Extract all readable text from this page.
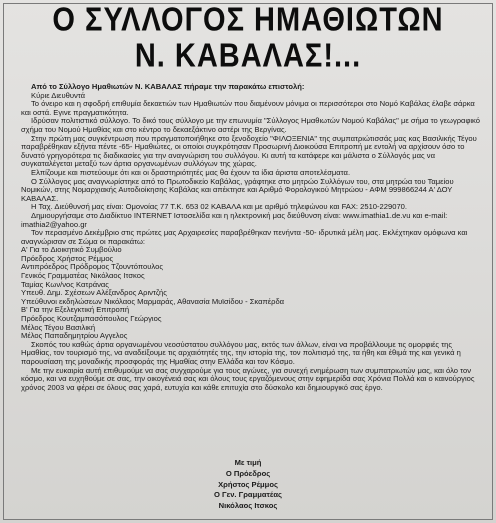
Ο ΣΥΛΛΟΓΟΣ ΗΜΑΘΙΩΤΩΝ
Ν. ΚΑΒΑΛΑΣ!...

Από το Σύλλογο Ημαθιωτών Ν. ΚΑΒΑΛΑΣ πήραμε την παρακάτω επιστολή:

Κύριε Διευθυντά

Το όνειρο και η σφοδρή επιθυμία δεκαετιών των Ημαθιωτών που διαμένουν μόνιμα οι περισσότεροι στο Νομό Καβάλας έλαβε σάρκα και οστά. Εγινε πραγματικότητα.

Ιδρύσαν πολιτιστικό σύλλογο. Το δικό τους σύλλογο με την επωνυμία "Σύλλογος Ημαθιωτών Νομού Καβάλας" με σήμα το γεωγραφικό σχήμα του Νομού Ημαθίας και στο κέντρο το δεκαεξάκτινο αστέρι της Βεργίνας.

Στην πρώτη μας συγκέντρωση που πραγματοποιήθηκε στο ξενοδοχείο "ΦΙΛΟΞΕΝΙΑ" της συμπατριώτισσάς μας κας Βασιλικής Τέγου παραβρέθηκαν εξήντα πέντε -65- Ημαθιώτες, οι οποίοι συγκρότησαν Προσωρινή Διοικούσα Επιτροπή με εντολή να αρχίσουν όσο το δυνατό γρηγορότερα τις διαδικασίες για την αναγνώριση του συλλόγου. Κι αυτή τα κατάφερε και μάλιστα ο Σύλλογός μας να συγκαταλέγεται μεταξύ των άρτια οργανωμένων συλλόγων της χώρας.

Ελπίζουμε και πιστεύουμε ότι και οι δραστηριότητές μας θα έχουν τα ίδια άριστα αποτελέσματα.

Ο Σύλλογος μας αναγνωρίστηκε από το Πρωτοδικείο Καβάλας, γράφτηκε στο μητρώο Συλλόγων του, στα μητρώα του Ταμείου Νομικών, στης Νομαρχιακής Αυτοδιοίκησης Καβάλας και απέκτησε και Αριθμό Φορολογικού Μητρώου - ΑΦΜ 999866244 Α' ΔΟΥ ΚΑΒΑΛΑΣ.

Η Ταχ. Διεύθυνσή μας είναι: Ομονοίας 77 Τ.Κ. 653 02 ΚΑΒΑΛΑ και με αριθμό τηλεφώνου και FAX: 2510-229070.

Δημιουργήσαμε στο Διαδίκτυο INTERNET Ιστοσελίδα και η ηλεκτρονική μας διεύθυνση είναι: www.imathia1.de.vu και e-mail: imathia2@yahoo.gr

Τον περασμένο Δεκέμβριο στις πρώτες μας Αρχαιρεσίες παραβρέθηκαν πενήντα -50- ιδρυτικά μέλη μας. Εκλέχτηκαν ομόφωνα και αναγνώρισαν σε Σώμα οι παρακάτω:

Α' Για το Διοικητικό Συμβούλιο

Πρόεδρος Χρήστος Ρέμμος

Αντιπρόεδρος Πρόδρομος Τζουντόπουλος

Γενικός Γραμματέας Νικόλαος Ιτσκος

Ταμίας Κων/νος Κατράνας

Υπευθ. Δημ. Σχέσεων Αλέξανδρος Αριντζής

Υπεύθυνοι εκδηλώσεων Νικόλαος Μαρμαράς, Αθανασία Μυϊσίδου - Σκαπέρδα

Β' Για την Εξελεγκτική Επιτροπή

Πρόεδρος Κουτζαμπασόπουλος Γεώργιος

Μέλος Τέγου Βασιλική

Μέλος Παπαδημητρίου Αγγελος

Σκοπός του καθώς άρτια οργανωμένου νεοσύστατου συλλόγου μας, εκτός των άλλων, είναι να προβάλλουμε τις ομορφιές της Ημαθίας, τον τουρισμό της, να αναδείξουμε τις αρχαιότητές της, την ιστορία της, τον πολιτισμό της, τα ήθη και έθιμά της και γενικά η παρουσίαση της μοναδικής προσφοράς της Ημαθίας στην Ελλάδα και τον Κόσμο.

Με την ευκαιρία αυτή επιθυμούμε να σας συγχαρούμε για τους αγώνες, για συνεχή ενημέρωση των συμπατριωτών μας, και όλο τον κόσμο, και να ευχηθούμε σε σας, την οικογένειά σας και όλους τους εργαζόμενους στην εφημερίδα σας Χρόνια Πολλά και ο καινούργιος χρόνος 2003 να φέρει σε όλους σας χαρά, ευτυχία και κάθε επιτυχία στο δύσκολο και δημιουργικό σας έργο.

Με τιμή
Ο Πρόεδρος
Χρήστος Ρέμμος
Ο Γεν. Γραμματέας
Νικόλαος Ιτσκος
